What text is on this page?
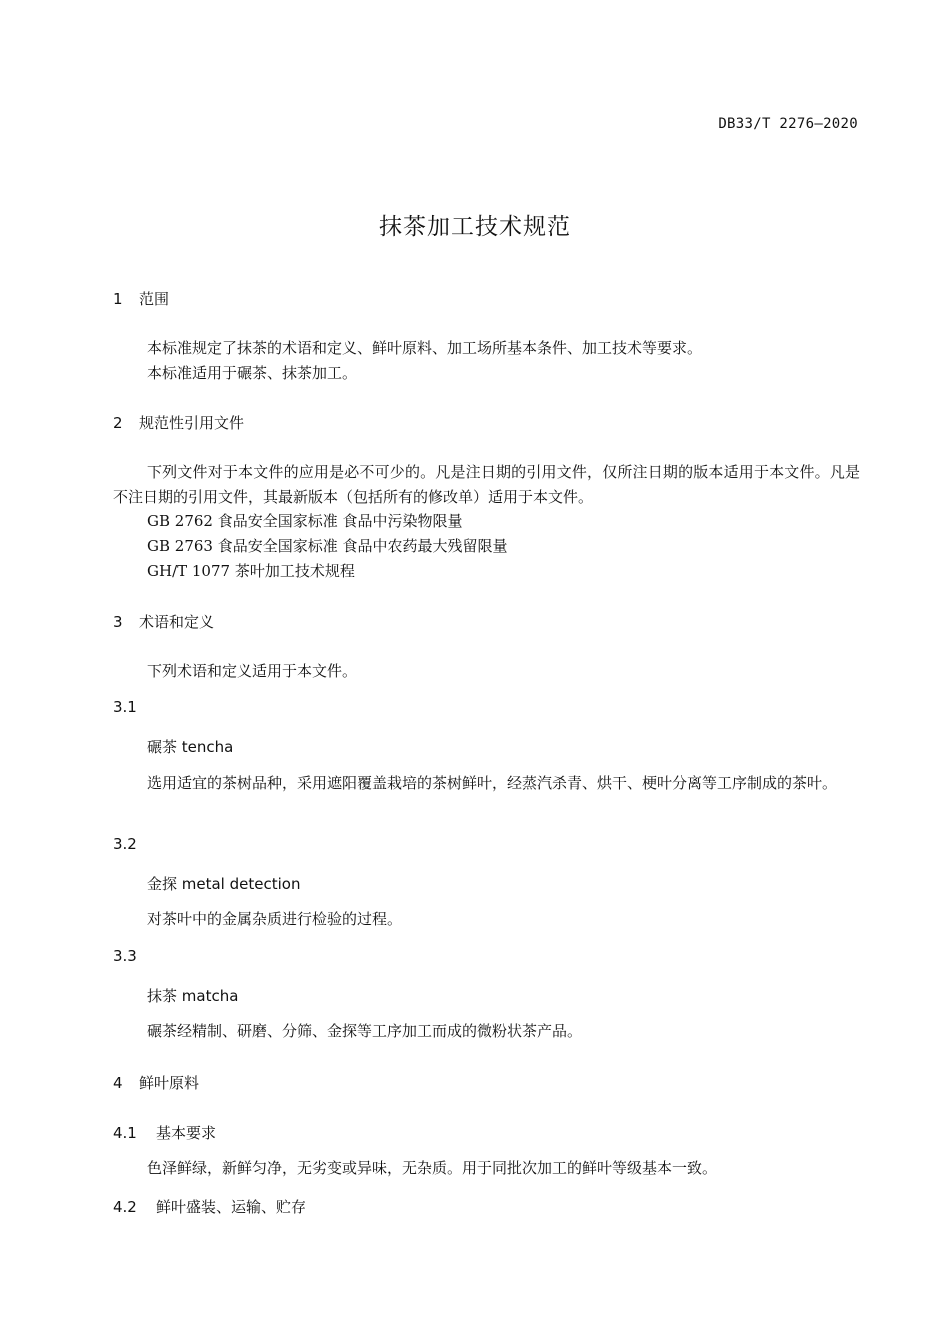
DB33/T 2276—2020
抹茶加工技术规范
1 范围
本标准规定了抹茶的术语和定义、鲜叶原料、加工场所基本条件、加工技术等要求。
本标准适用于碾茶、抹茶加工。
2 规范性引用文件
下列文件对于本文件的应用是必不可少的。凡是注日期的引用文件，仅所注日期的版本适用于本文件。凡是不注日期的引用文件，其最新版本（包括所有的修改单）适用于本文件。
GB 2762 食品安全国家标准 食品中污染物限量
GB 2763 食品安全国家标准 食品中农药最大残留限量
GH/T 1077 茶叶加工技术规程
3 术语和定义
下列术语和定义适用于本文件。
3.1
碾茶 tencha
选用适宜的茶树品种，采用遮阳覆盖栽培的茶树鲜叶，经蒸汽杀青、烘干、梗叶分离等工序制成的茶叶。
3.2
金探 metal detection
对茶叶中的金属杂质进行检验的过程。
3.3
抹茶 matcha
碾茶经精制、研磨、分筛、金探等工序加工而成的微粉状茶产品。
4 鲜叶原料
4.1 基本要求
色泽鲜绿，新鲜匀净，无劣变或异味，无杂质。用于同批次加工的鲜叶等级基本一致。
4.2 鲜叶盛装、运输、贮存
